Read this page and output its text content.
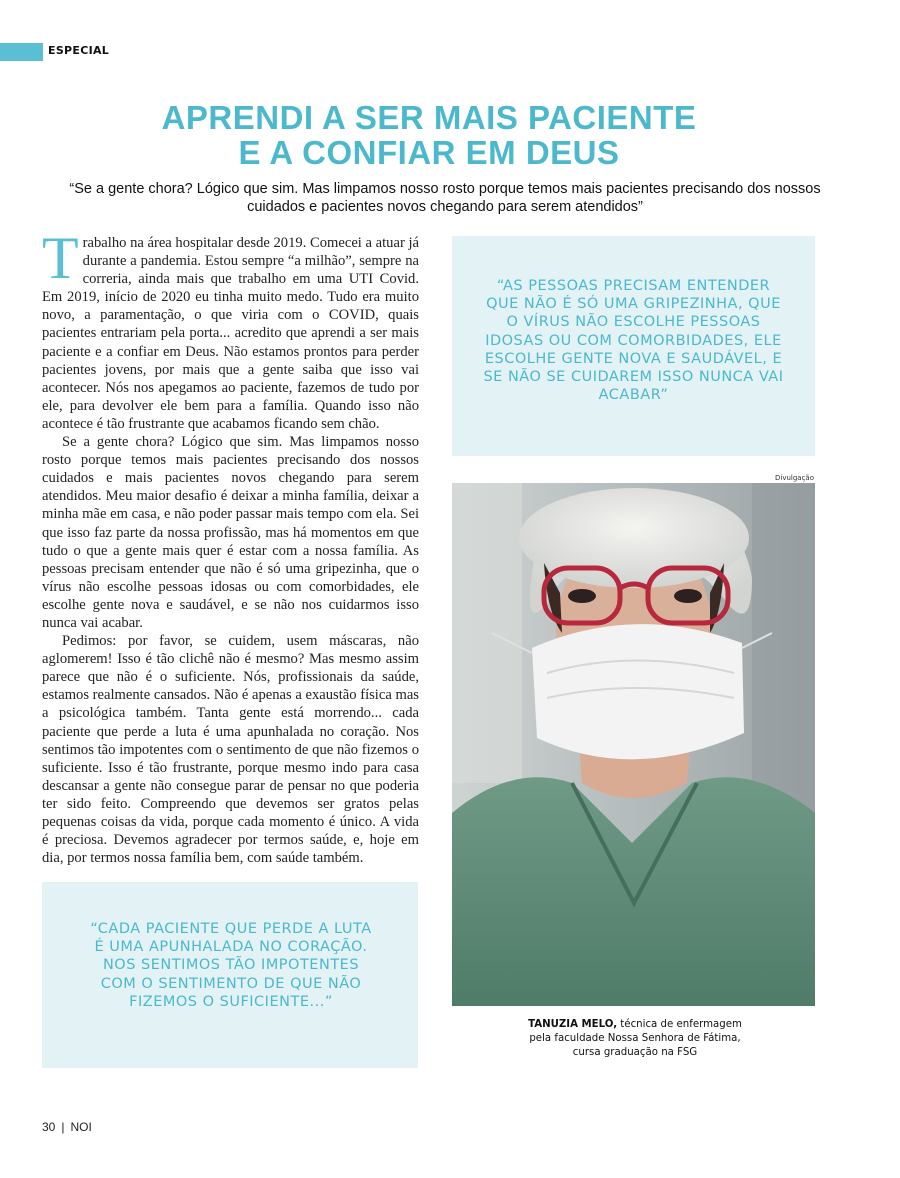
ESPECIAL
APRENDI A SER MAIS PACIENTE
E A CONFIAR EM DEUS

“Se a gente chora? Lógico que sim. Mas limpamos nosso rosto porque temos mais pacientes precisando dos nossos cuidados e pacientes novos chegando para serem atendidos”

Trabalho na área hospitalar desde 2019. Comecei a atuar já durante a pandemia. Estou sempre “a milhão”, sempre na correria, ainda mais que trabalho em uma UTI Covid. Em 2019, início de 2020 eu tinha muito medo. Tudo era muito novo, a paramentação, o que viria com o COVID, quais pacientes entrariam pela porta... acredito que aprendi a ser mais paciente e a confiar em Deus. Não estamos prontos para perder pacientes jovens, por mais que a gente saiba que isso vai acontecer. Nós nos apegamos ao paciente, fazemos de tudo por ele, para devolver ele bem para a família. Quando isso não acontece é tão frustrante que acabamos ficando sem chão.

Se a gente chora? Lógico que sim. Mas limpamos nosso rosto porque temos mais pacientes precisando dos nossos cuidados e mais pacientes novos chegando para serem atendidos. Meu maior desafio é deixar a minha família, deixar a minha mãe em casa, e não poder passar mais tempo com ela. Sei que isso faz parte da nossa profissão, mas há momentos em que tudo o que a gente mais quer é estar com a nossa família. As pessoas precisam entender que não é só uma gripezinha, que o vírus não escolhe pessoas idosas ou com comorbidades, ele escolhe gente nova e saudável, e se não nos cuidarmos isso nunca vai acabar.

Pedimos: por favor, se cuidem, usem máscaras, não aglomerem! Isso é tão clichê não é mesmo? Mas mesmo assim parece que não é o suficiente. Nós, profissionais da saúde, estamos realmente cansados. Não é apenas a exaustão física mas a psicológica também. Tanta gente está morrendo... cada paciente que perde a luta é uma apunhalada no coração. Nos sentimos tão impotentes com o sentimento de que não fizemos o suficiente. Isso é tão frustrante, porque mesmo indo para casa descansar a gente não consegue parar de pensar no que poderia ter sido feito. Compreendo que devemos ser gratos pelas pequenas coisas da vida, porque cada momento é único. A vida é preciosa. Devemos agradecer por termos saúde, e, hoje em dia, por termos nossa família bem, com saúde também.

“AS PESSOAS PRECISAM ENTENDER QUE NÃO É SÓ UMA GRIPEZINHA, QUE O VÍRUS NÃO ESCOLHE PESSOAS IDOSAS OU COM COMORBIDADES, ELE ESCOLHE GENTE NOVA E SAUDÁVEL, E SE NÃO SE CUIDAREM ISSO NUNCA VAI ACABAR”

Divulgação
TANUZIA MELO, técnica de enfermagem
pela faculdade Nossa Senhora de Fátima,
cursa graduação na FSG

“CADA PACIENTE QUE PERDE A LUTA É UMA APUNHALADA NO CORAÇÃO. NOS SENTIMOS TÃO IMPOTENTES COM O SENTIMENTO DE QUE NÃO FIZEMOS O SUFICIENTE...”

30 | NOI
